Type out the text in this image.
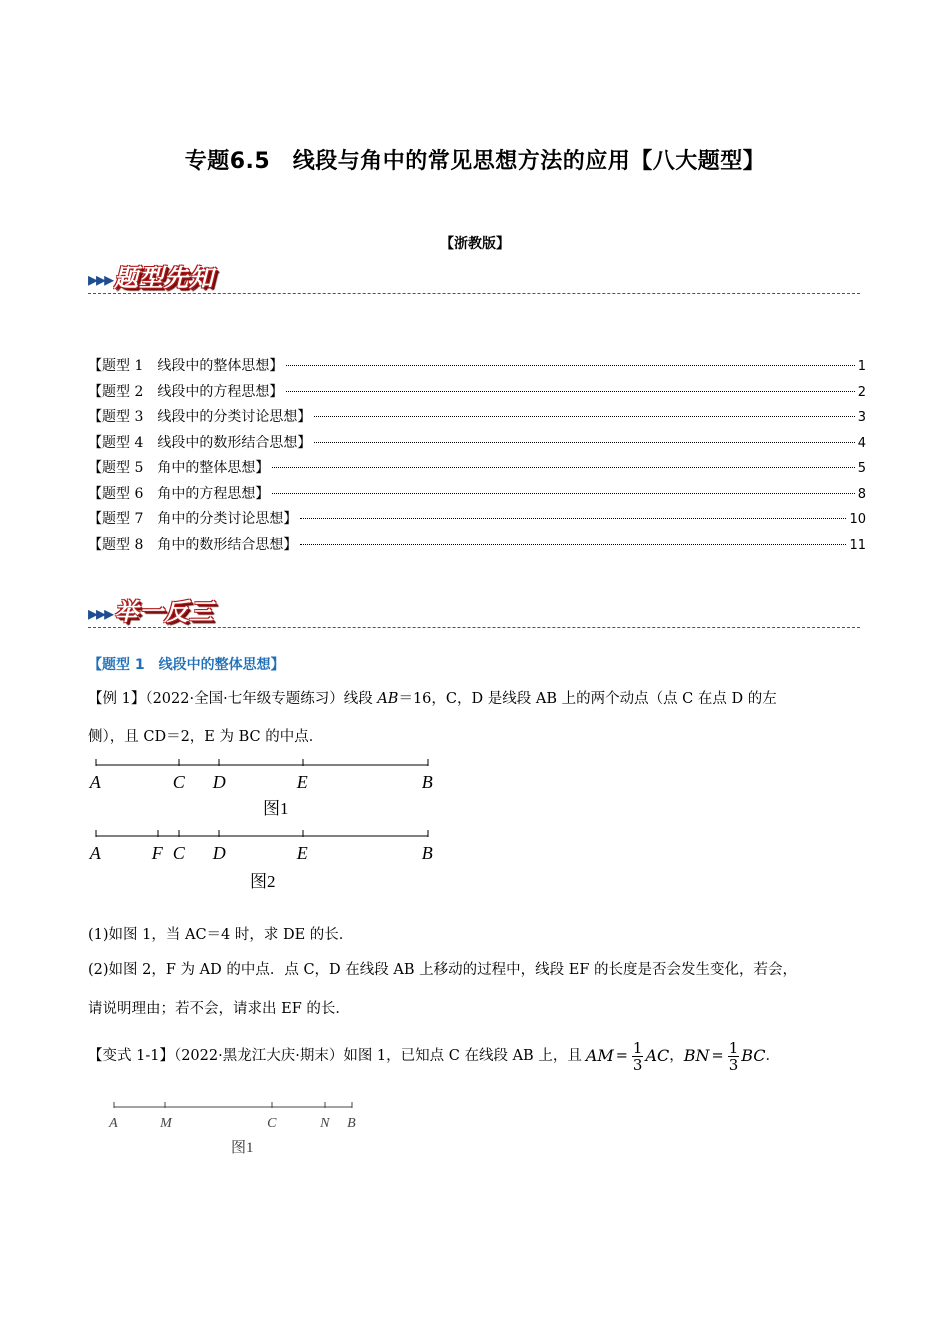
专题6.5　线段与角中的常见思想方法的应用【八大题型】
【浙教版】
▸▸▸题型先知
【题型 1　线段中的整体思想】	1
【题型 2　线段中的方程思想】	2
【题型 3　线段中的分类讨论思想】	3
【题型 4　线段中的数形结合思想】	4
【题型 5　角中的整体思想】	5
【题型 6　角中的方程思想】	8
【题型 7　角中的分类讨论思想】	10
【题型 8　角中的数形结合思想】	11
▸▸▸举一反三
【题型 1　线段中的整体思想】
【例 1】（2022·全国·七年级专题练习）线段 AB＝16，C，D 是线段 AB 上的两个动点（点 C 在点 D 的左
侧），且 CD＝2，E 为 BC 的中点．
A	C D	E	B
图1
A	F C D	E	B
图2
(1)如图 1，当 AC＝4 时，求 DE 的长．
(2)如图 2，F 为 AD 的中点．点 C，D 在线段 AB 上移动的过程中，线段 EF 的长度是否会发生变化，若会，
请说明理由；若不会，请求出 EF 的长．
【变式 1-1】（2022·黑龙江大庆·期末）如图 1，已知点 C 在线段 AB 上，且 AM = $\frac{1}{3}$ AC ， BN = $\frac{1}{3}$ BC ．
A	M	C	N B
图1
